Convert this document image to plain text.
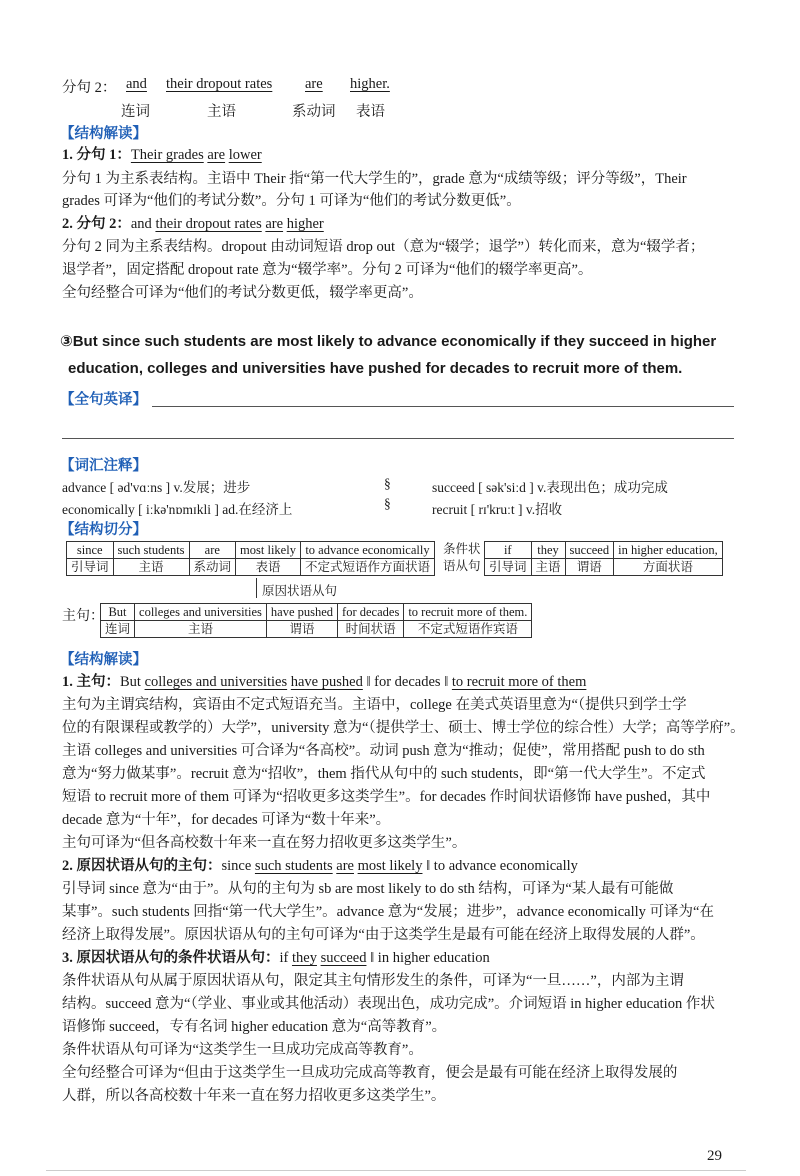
分句 2： and their dropout rates are higher.
连词	主语	系动词 表语
【结构解读】
1. 分句 1：Their grades are lower
分句 1 为主系表结构。主语中 Their 指“第一代大学生的”，grade 意为“成绩等级；评分等级”，Their
grades 可译为“他们的考试分数”。分句 1 可译为“他们的考试分数更低”。
2. 分句 2：and their dropout rates are higher
分句 2 同为主系表结构。dropout 由动词短语 drop out（意为“辍学；退学”）转化而来，意为“辍学者；
退学者”，固定搭配 dropout rate 意为“辍学率”。分句 2 可译为“他们的辍学率更高”。
全句经整合可译为“他们的考试分数更低，辍学率更高”。
③But since such students are most likely to advance economically if they succeed in higher
education, colleges and universities have pushed for decades to recruit more of them.
【全句英译】
【词汇注释】
advance [ əd'vɑːns ] v.发展；进步
economically [ iːkə'nɒmɪkli ] ad.在经济上
§
§
succeed [ sək'siːd ] v.表现出色；成功完成
recruit [ rɪ'kruːt ] v.招收
【结构切分】
since	such students	are	most likely	to advance economically
引导词	主语	系动词	表语	不定式短语作方面状语
条件状
语从句
if	they	succeed	in higher education,
引导词	主语	谓语	方面状语
原因状语从句
主句： But	colleges and universities	have pushed	for decades	to recruit more of them.
连词	主语	谓语	时间状语	不定式短语作宾语
【结构解读】
1. 主句：But colleges and universities have pushed ‖ for decades ‖ to recruit more of them
主句为主谓宾结构，宾语由不定式短语充当。主语中，college 在美式英语里意为“（提供只到学士学
位的有限课程或教学的）大学”，university 意为“（提供学士、硕士、博士学位的综合性）大学；高等学府”。
主语 colleges and universities 可合译为“各高校”。动词 push 意为“推动；促使”，常用搭配 push to do sth
意为“努力做某事”。recruit 意为“招收”，them 指代从句中的 such students，即“第一代大学生”。不定式
短语 to recruit more of them 可译为“招收更多这类学生”。for decades 作时间状语修饰 have pushed，其中
decade 意为“十年”，for decades 可译为“数十年来”。
主句可译为“但各高校数十年来一直在努力招收更多这类学生”。
2. 原因状语从句的主句：since such students are most likely ‖ to advance economically
引导词 since 意为“由于”。从句的主句为 sb are most likely to do sth 结构，可译为“某人最有可能做
某事”。such students 回指“第一代大学生”。advance 意为“发展；进步”，advance economically 可译为“在
经济上取得发展”。原因状语从句的主句可译为“由于这类学生是最有可能在经济上取得发展的人群”。
3. 原因状语从句的条件状语从句：if they succeed ‖ in higher education
条件状语从句从属于原因状语从句，限定其主句情形发生的条件，可译为“一旦……”，内部为主谓
结构。succeed 意为“（学业、事业或其他活动）表现出色，成功完成”。介词短语 in higher education 作状
语修饰 succeed，专有名词 higher education 意为“高等教育”。
条件状语从句可译为“这类学生一旦成功完成高等教育”。
全句经整合可译为“但由于这类学生一旦成功完成高等教育，便会是最有可能在经济上取得发展的
人群，所以各高校数十年来一直在努力招收更多这类学生”。
29
